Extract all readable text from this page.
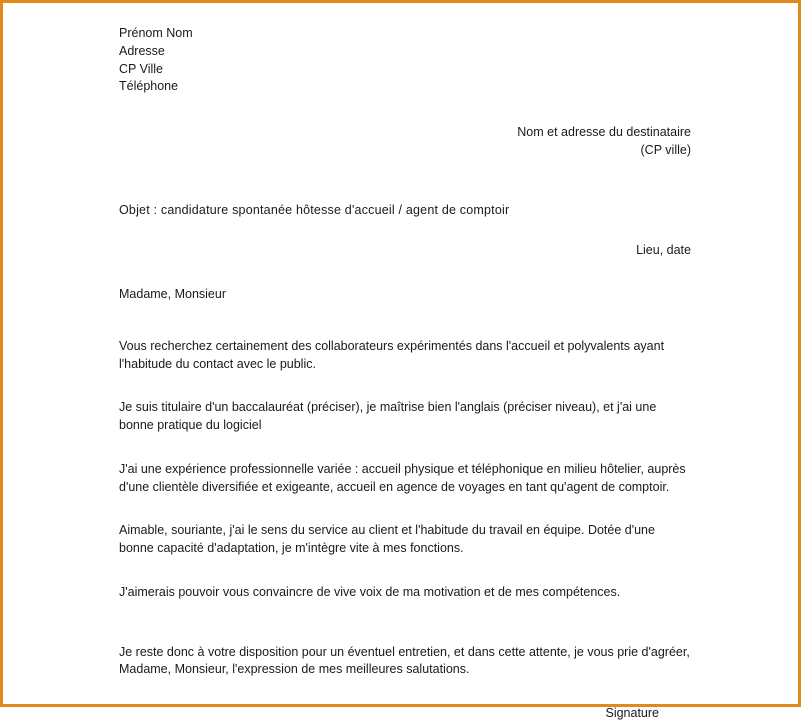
Prénom Nom
Adresse
CP Ville
Téléphone
Nom et adresse du destinataire
(CP ville)
Objet : candidature spontanée hôtesse d'accueil / agent de comptoir
Lieu, date
Madame, Monsieur
Vous recherchez certainement des collaborateurs expérimentés dans l'accueil et polyvalents ayant l'habitude du contact avec le public.
Je suis titulaire d'un baccalauréat (préciser), je maîtrise bien l'anglais (préciser niveau), et j'ai une bonne pratique du logiciel
J'ai une expérience professionnelle variée : accueil physique et téléphonique en milieu hôtelier, auprès d'une clientèle diversifiée et exigeante, accueil en agence de voyages en tant qu'agent de comptoir.
Aimable, souriante, j'ai le sens du service au client et l'habitude du travail en équipe. Dotée d'une bonne capacité d'adaptation, je m'intègre vite à mes fonctions.
J'aimerais pouvoir vous convaincre de vive voix de ma motivation et de mes compétences.
Je reste donc à votre disposition pour un éventuel entretien, et dans cette attente, je vous prie d'agréer, Madame, Monsieur, l'expression de mes meilleures salutations.
Signature
